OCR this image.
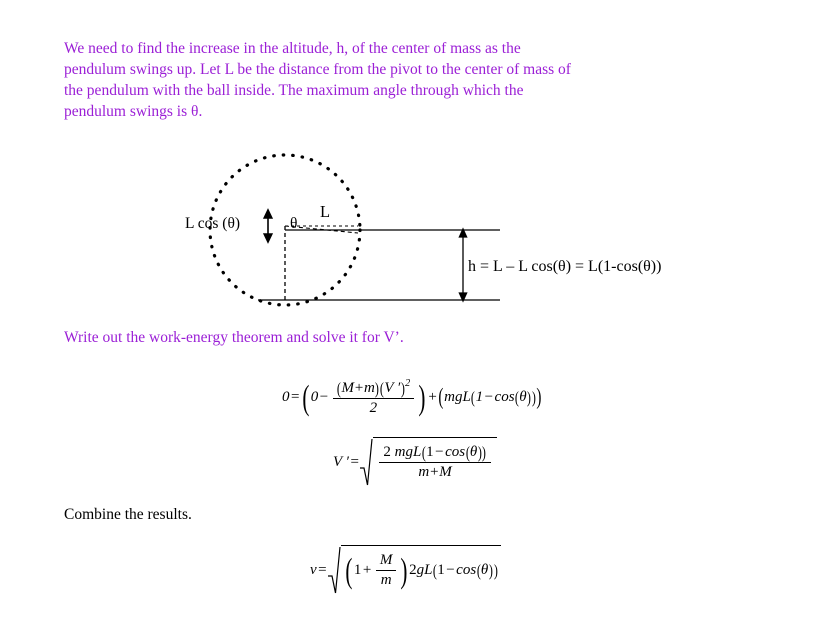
We need to find the increase in the altitude, h, of the center of mass as the
pendulum swings up. Let L be the distance from the pivot to the center of mass of
the pendulum with the ball inside. The maximum angle through which the
pendulum swings is θ.
L cos (θ)
L
θ
h = L – L cos(θ) = L(1-cos(θ))
Write out the work-energy theorem and solve it for V’.
0 = ( $0 - \frac{(M+m)(V ')^2}{2}$ ) + ( mgL ( 1 − cos ( θ ) ) )
V ′ = $\frac{\text{2 mgL(1 − cos(θ))}}{m+M}$
Combine the results.
v = ( $1 + \frac{M}{m}$ ) 2 gL ( 1 − cos ( θ ) )
